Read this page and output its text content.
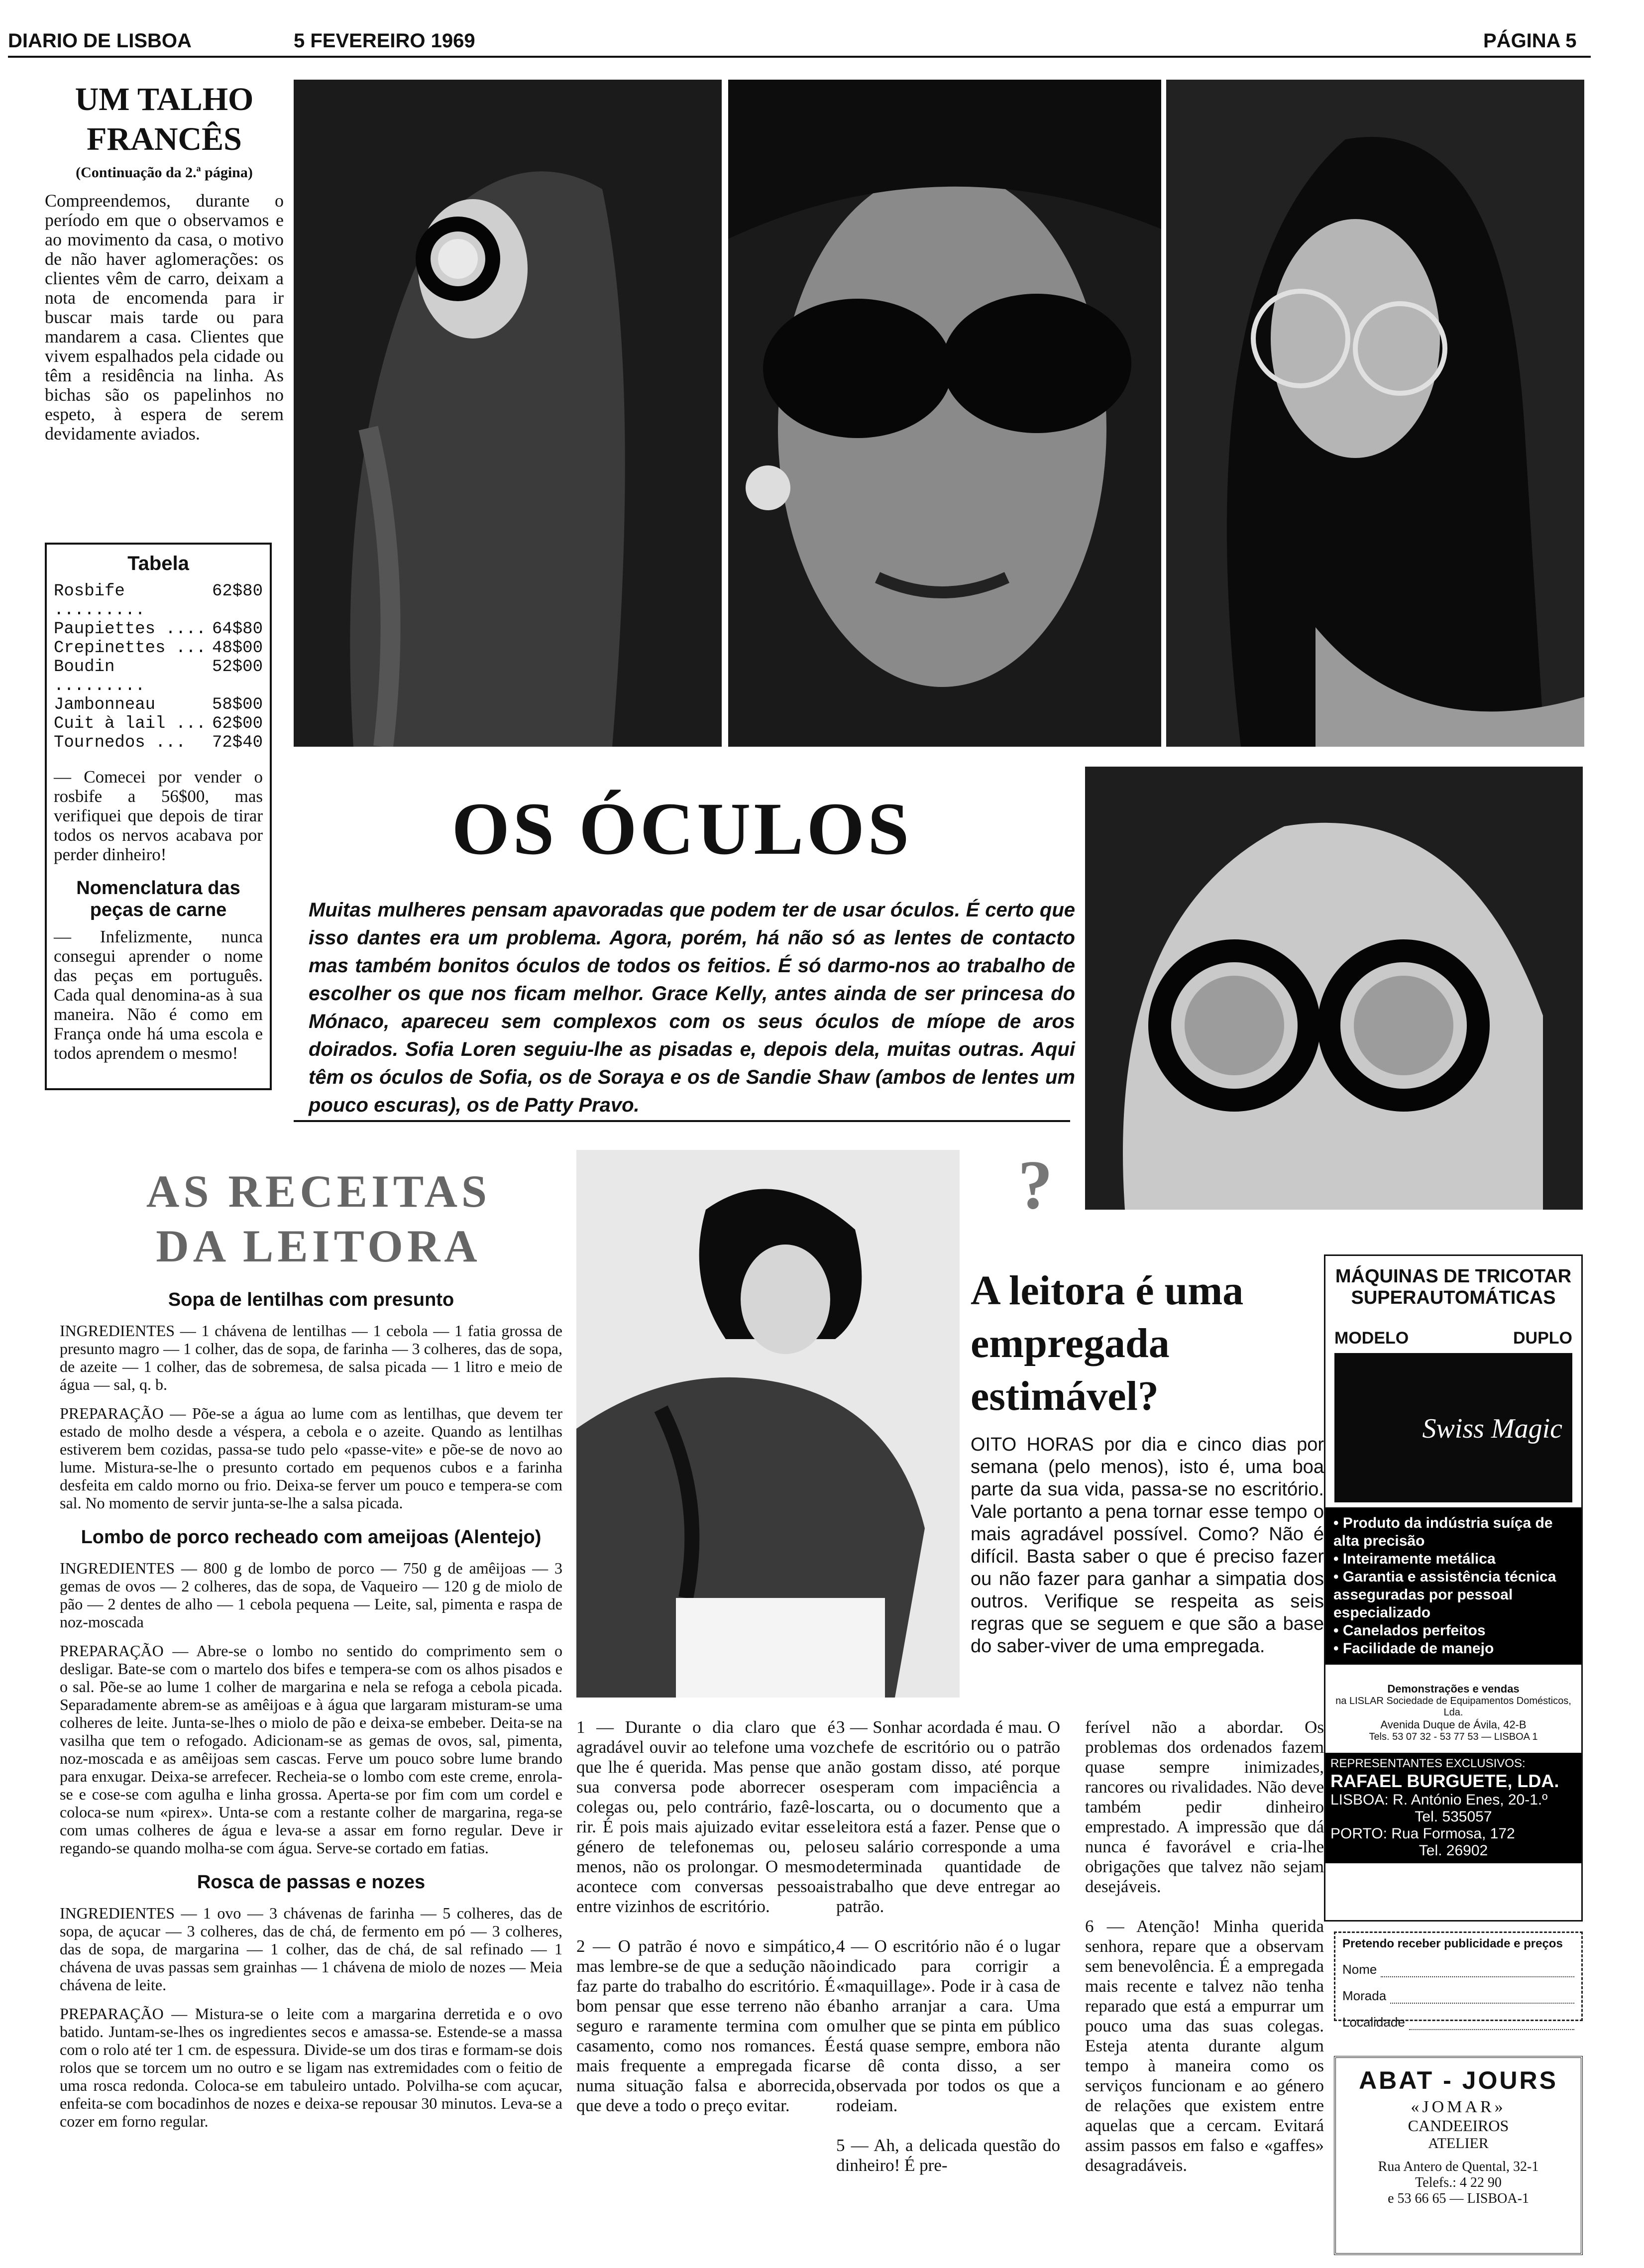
DIARIO DE LISBOA	5 FEVEREIRO 1969	PÁGINA 5
UM TALHO
FRANCÊS
(Continuação da 2.ª página)
Compreendemos, durante o período em que o observamos e ao movimento da casa, o motivo de não haver aglomerações: os clientes vêm de carro, deixam a nota de encomenda para ir buscar mais tarde ou para mandarem a casa. Clientes que vivem espalhados pela cidade ou têm a residência na linha. As bichas são os papelinhos no espeto, à espera de serem devidamente aviados.
Tabela
Rosbife .........
62$80
Paupiettes .... 64$80
Crepinettes ... 48$00
Boudin .........
52$00
Jambonneau	58$00
Cuit à lail ... 62$00
Tournedos ... 72$40
— Comecei por vender o rosbife a 56$00, mas verifiquei que depois de tirar todos os nervos acabava por perder dinheiro!
Nomenclatura das peças de carne
— Infelizmente, nunca consegui aprender o nome das peças em português. Cada qual denomina-as à sua maneira. Não é como em França onde há uma escola e todos aprendem o mesmo!
OS ÓCULOS
Muitas mulheres pensam apavoradas que podem ter de usar óculos. É certo que isso dantes era um problema. Agora, porém, há não só as lentes de contacto mas também bonitos óculos de todos os feitios. É só darmo-nos ao trabalho de escolher os que nos ficam melhor. Grace Kelly, antes ainda de ser princesa do Mónaco, apareceu sem complexos com os seus óculos de míope de aros doirados. Sofia Loren seguiu-lhe as pisadas e, depois dela, muitas outras. Aqui têm os óculos de Sofia, os de Soraya e os de Sandie Shaw (ambos de lentes um pouco escuras), os de Patty Pravo.
AS RECEITAS
DA LEITORA
Sopa de lentilhas com presunto

INGREDIENTES — 1 chávena de lentilhas — 1 cebola — 1 fatia grossa de presunto magro — 1 colher, das de sopa, de farinha — 3 colheres, das de sopa, de azeite — 1 colher, das de sobremesa, de salsa picada — 1 litro e meio de água — sal, q. b.

PREPARAÇÃO — Põe-se a água ao lume com as lentilhas, que devem ter estado de molho desde a véspera, a cebola e o azeite. Quando as lentilhas estiverem bem cozidas, passa-se tudo pelo «passe-vite» e põe-se de novo ao lume. Mistura-se-lhe o presunto cortado em pequenos cubos e a farinha desfeita em caldo morno ou frio. Deixa-se ferver um pouco e tempera-se com sal. No momento de servir junta-se-lhe a salsa picada.

Lombo de porco recheado com ameijoas (Alentejo)

INGREDIENTES — 800 g de lombo de porco — 750 g de amêijoas — 3 gemas de ovos — 2 colheres, das de sopa, de Vaqueiro — 120 g de miolo de pão — 2 dentes de alho — 1 cebola pequena — Leite, sal, pimenta e raspa de noz-moscada

PREPARAÇÃO — Abre-se o lombo no sentido do comprimento sem o desligar. Bate-se com o martelo dos bifes e tempera-se com os alhos pisados e o sal. Põe-se ao lume 1 colher de margarina e nela se refoga a cebola picada. Separadamente abrem-se as amêijoas e à água que largaram misturam-se uma colheres de leite. Junta-se-lhes o miolo de pão e deixa-se embeber. Deita-se na vasilha que tem o refogado. Adicionam-se as gemas de ovos, sal, pimenta, noz-moscada e as amêijoas sem cascas. Ferve um pouco sobre lume brando para enxugar. Deixa-se arrefecer. Recheia-se o lombo com este creme, enrola-se e cose-se com agulha e linha grossa. Aperta-se por fim com um cordel e coloca-se num «pirex». Unta-se com a restante colher de margarina, rega-se com umas colheres de água e leva-se a assar em forno regular. Deve ir regando-se quando molha-se com água. Serve-se cortado em fatias.

Rosca de passas e nozes

INGREDIENTES — 1 ovo — 3 chávenas de farinha — 5 colheres, das de sopa, de açucar — 3 colheres, das de chá, de fermento em pó — 3 colheres, das de sopa, de margarina — 1 colher, das de chá, de sal refinado — 1 chávena de uvas passas sem grainhas — 1 chávena de miolo de nozes — Meia chávena de leite.

PREPARAÇÃO — Mistura-se o leite com a margarina derretida e o ovo batido. Juntam-se-lhes os ingredientes secos e amassa-se. Estende-se a massa com o rolo até ter 1 cm. de espessura. Divide-se um dos tiras e formam-se dois rolos que se torcem um no outro e se ligam nas extremidades com o feitio de uma rosca redonda. Coloca-se em tabuleiro untado. Polvilha-se com açucar, enfeita-se com bocadinhos de nozes e deixa-se repousar 30 minutos. Leva-se a cozer em forno regular.

?
A leitora é uma empregada estimável?
OITO HORAS por dia e cinco dias por semana (pelo menos), isto é, uma boa parte da sua vida, passa-se no escritório. Vale portanto a pena tornar esse tempo o mais agradável possível. Como? Não é difícil. Basta saber o que é preciso fazer ou não fazer para ganhar a simpatia dos outros. Verifique se respeita as seis regras que se seguem e que são a base do saber-viver de uma empregada.

1 — Durante o dia claro que é agradável ouvir ao telefone uma voz que lhe é querida. Mas pense que a sua conversa pode aborrecer os colegas ou, pelo contrário, fazê-los rir. É pois mais ajuizado evitar esse género de telefonemas ou, pelo menos, não os prolongar. O mesmo acontece com conversas pessoais entre vizinhos de escritório.

2 — O patrão é novo e simpático, mas lembre-se de que a sedução não faz parte do trabalho do escritório. É bom pensar que esse terreno não é seguro e raramente termina com o casamento, como nos romances. É mais frequente a empregada ficar numa situação falsa e aborrecida, que deve a todo o preço evitar.

3 — Sonhar acordada é mau. O chefe de escritório ou o patrão não gostam disso, até porque esperam com impaciência a carta, ou o documento que a leitora está a fazer. Pense que o seu salário corresponde a uma determinada quantidade de trabalho que deve entregar ao patrão.

4 — O escritório não é o lugar indicado para corrigir a «maquillage». Pode ir à casa de banho arranjar a cara. Uma mulher que se pinta em público está quase sempre, embora não se dê conta disso, a ser observada por todos os que a rodeiam.

5 — Ah, a delicada questão do dinheiro! É pre-

ferível não a abordar. Os problemas dos ordenados fazem quase sempre inimizades, rancores ou rivalidades. Não deve também pedir dinheiro emprestado. A impressão que dá nunca é favorável e cria-lhe obrigações que talvez não sejam desejáveis.

6 — Atenção! Minha querida senhora, repare que a observam sem benevolência. É a empregada mais recente e talvez não tenha reparado que está a empurrar um pouco uma das suas colegas. Esteja atenta durante algum tempo à maneira como os serviços funcionam e ao género de relações que existem entre aquelas que a cercam. Evitará assim passos em falso e «gaffes» desagradáveis.

MÁQUINAS DE TRICOTAR
SUPERAUTOMÁTICAS
MODELO	DUPLO
Swiss Magic
• Produto da indústria suíça de alta precisão
• Inteiramente metálica
• Garantia e assistência técnica asseguradas por pessoal especializado
• Canelados perfeitos
• Facilidade de manejo
Demonstrações e vendas
na LISLAR Sociedade de Equipamentos Domésticos, Lda.
Avenida Duque de Ávila, 42-B
Tels. 53 07 32 - 53 77 53 — LISBOA 1
REPRESENTANTES EXCLUSIVOS:
RAFAEL BURGUETE, LDA.
LISBOA: R. António Enes, 20-1.º
Tel. 535057
PORTO: Rua Formosa, 172
Tel. 26902
Pretendo receber publicidade e preços
Nome
Morada
Localidade
ABAT - JOURS
«JOMAR»
CANDEEIROS
ATELIER
Rua Antero de Quental, 32-1
Telefs.: 4 22 90
e 53 66 65 — LISBOA-1
